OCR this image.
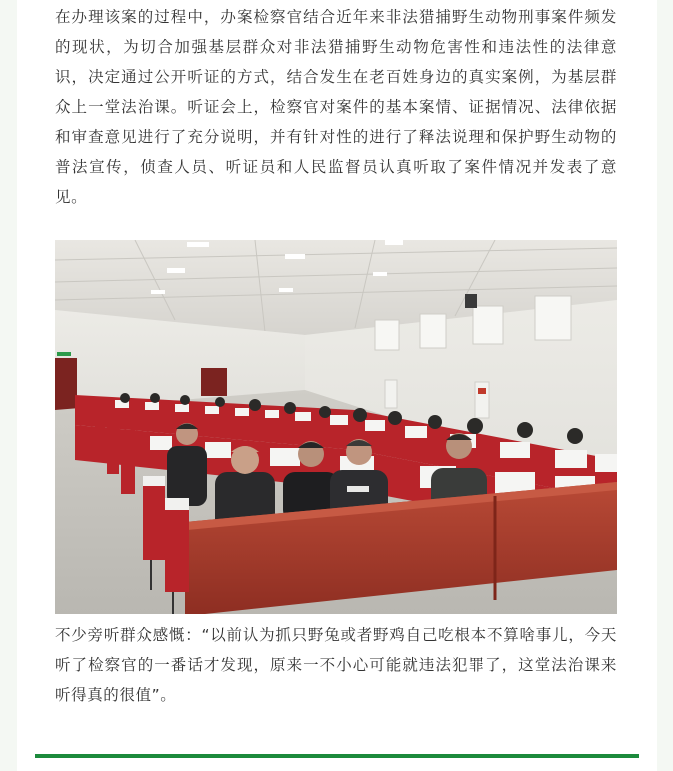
在办理该案的过程中，办案检察官结合近年来非法猎捕野生动物刑事案件频发的现状，为切合加强基层群众对非法猎捕野生动物危害性和违法性的法律意识，决定通过公开听证的方式，结合发生在老百姓身边的真实案例，为基层群众上一堂法治课。听证会上，检察官对案件的基本案情、证据情况、法律依据和审查意见进行了充分说明，并有针对性的进行了释法说理和保护野生动物的普法宣传，侦查人员、听证员和人民监督员认真听取了案件情况并发表了意见。

不少旁听群众感慨：“以前认为抓只野兔或者野鸡自己吃根本不算啥事儿，今天听了检察官的一番话才发现，原来一不小心可能就违法犯罪了，这堂法治课来听得真的很值”。
